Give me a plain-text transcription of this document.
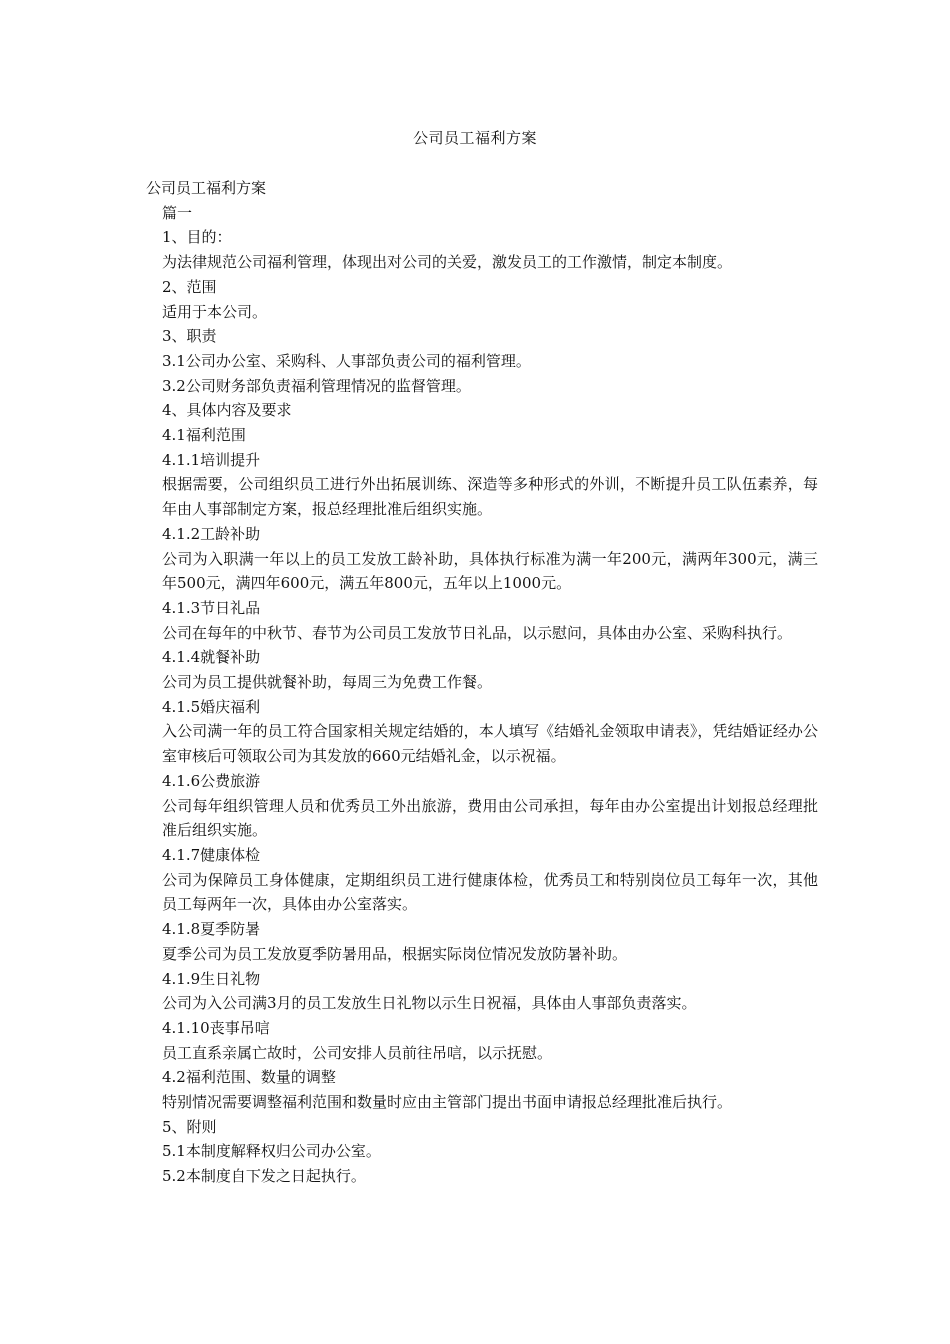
公司员工福利方案
公司员工福利方案
篇一
1、目的：
为法律规范公司福利管理，体现出对公司的关爱，激发员工的工作激情，制定本制度。
2、范围
适用于本公司。
3、职责
3.1公司办公室、采购科、人事部负责公司的福利管理。
3.2公司财务部负责福利管理情况的监督管理。
4、具体内容及要求
4.1福利范围
4.1.1培训提升
根据需要，公司组织员工进行外出拓展训练、深造等多种形式的外训，不断提升员工队伍素养，每年由人事部制定方案，报总经理批准后组织实施。
4.1.2工龄补助
公司为入职满一年以上的员工发放工龄补助，具体执行标准为满一年200元，满两年300元，满三年500元，满四年600元，满五年800元，五年以上1000元。
4.1.3节日礼品
公司在每年的中秋节、春节为公司员工发放节日礼品，以示慰问，具体由办公室、采购科执行。
4.1.4就餐补助
公司为员工提供就餐补助，每周三为免费工作餐。
4.1.5婚庆福利
入公司满一年的员工符合国家相关规定结婚的，本人填写《结婚礼金领取申请表》，凭结婚证经办公室审核后可领取公司为其发放的660元结婚礼金，以示祝福。
4.1.6公费旅游
公司每年组织管理人员和优秀员工外出旅游，费用由公司承担，每年由办公室提出计划报总经理批准后组织实施。
4.1.7健康体检
公司为保障员工身体健康，定期组织员工进行健康体检，优秀员工和特别岗位员工每年一次，其他员工每两年一次，具体由办公室落实。
4.1.8夏季防暑
夏季公司为员工发放夏季防暑用品，根据实际岗位情况发放防暑补助。
4.1.9生日礼物
公司为入公司满3月的员工发放生日礼物以示生日祝福，具体由人事部负责落实。
4.1.10丧事吊唁
员工直系亲属亡故时，公司安排人员前往吊唁，以示抚慰。
4.2福利范围、数量的调整
特别情况需要调整福利范围和数量时应由主管部门提出书面申请报总经理批准后执行。
5、附则
5.1本制度解释权归公司办公室。
5.2本制度自下发之日起执行。
